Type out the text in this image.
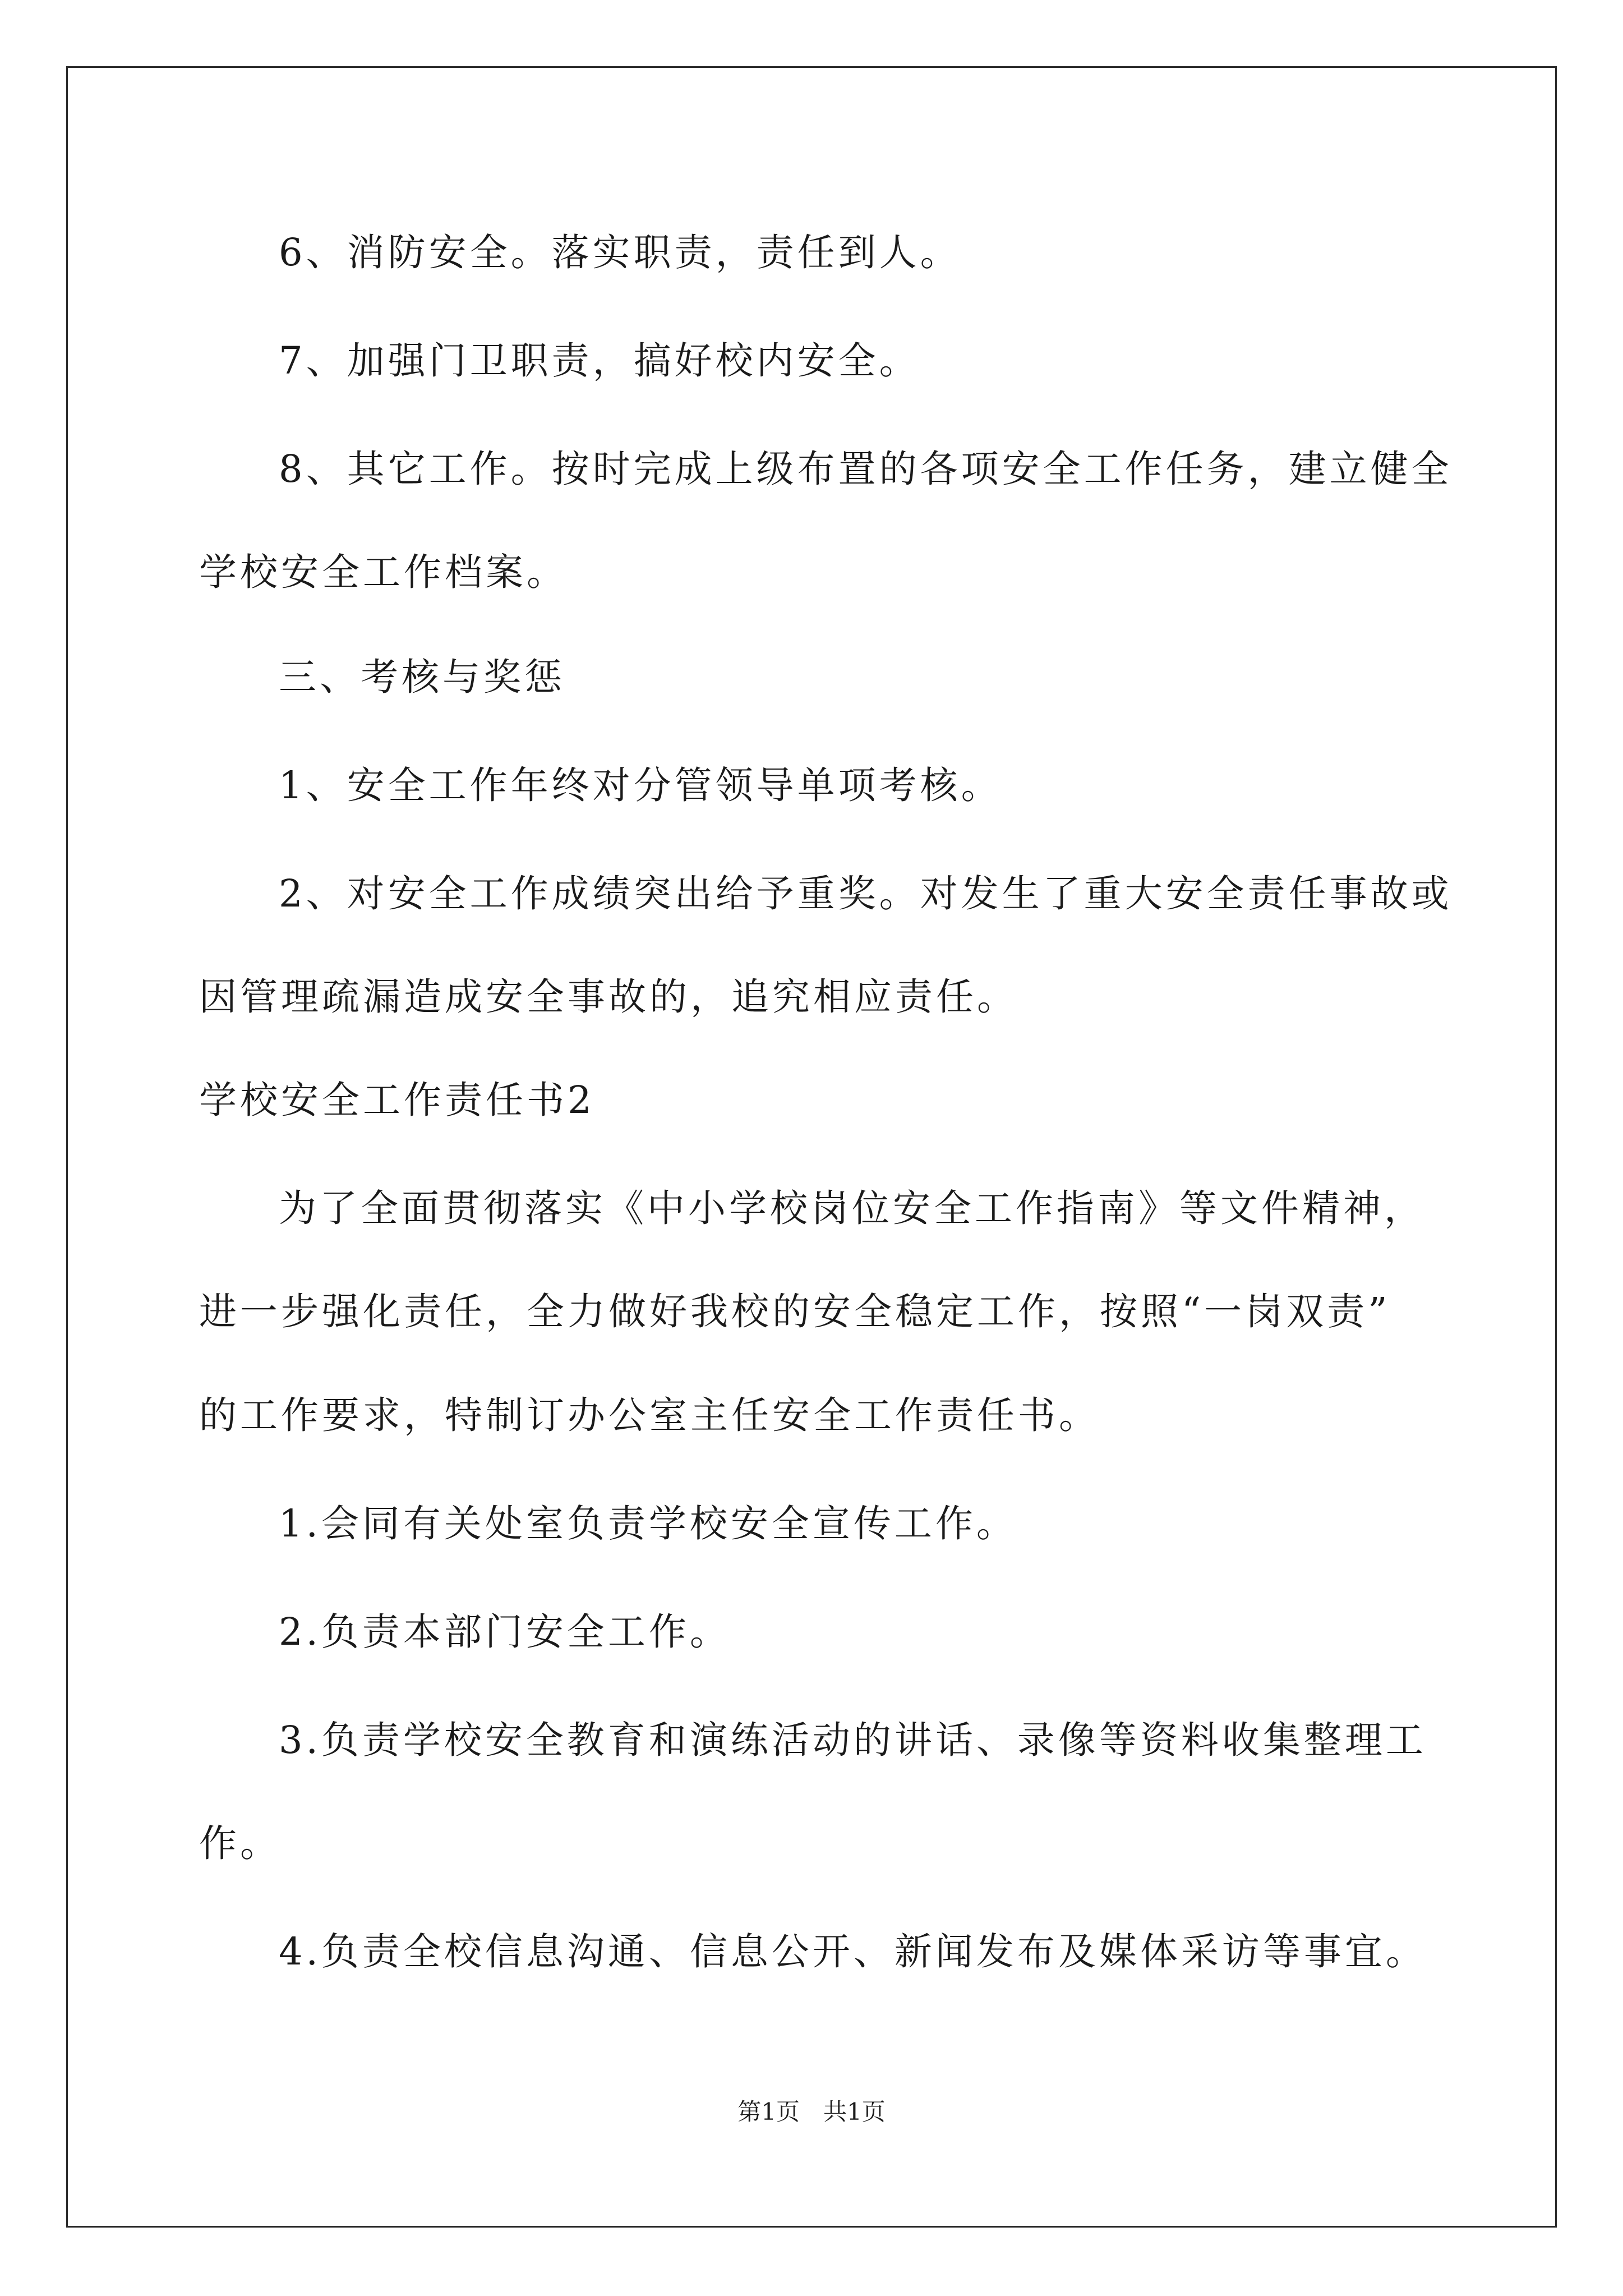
6、消防安全。落实职责，责任到人。
7、加强门卫职责，搞好校内安全。
8、其它工作。按时完成上级布置的各项安全工作任务，建立健全
学校安全工作档案。
三、考核与奖惩
1、安全工作年终对分管领导单项考核。
2、对安全工作成绩突出给予重奖。对发生了重大安全责任事故或
因管理疏漏造成安全事故的，追究相应责任。
学校安全工作责任书2
为了全面贯彻落实《中小学校岗位安全工作指南》等文件精神，
进一步强化责任，全力做好我校的安全稳定工作，按照“一岗双责”
的工作要求，特制订办公室主任安全工作责任书。
1.会同有关处室负责学校安全宣传工作。
2.负责本部门安全工作。
3.负责学校安全教育和演练活动的讲话、录像等资料收集整理工
作。
4.负责全校信息沟通、信息公开、新闻发布及媒体采访等事宜。
第1页　共1页
